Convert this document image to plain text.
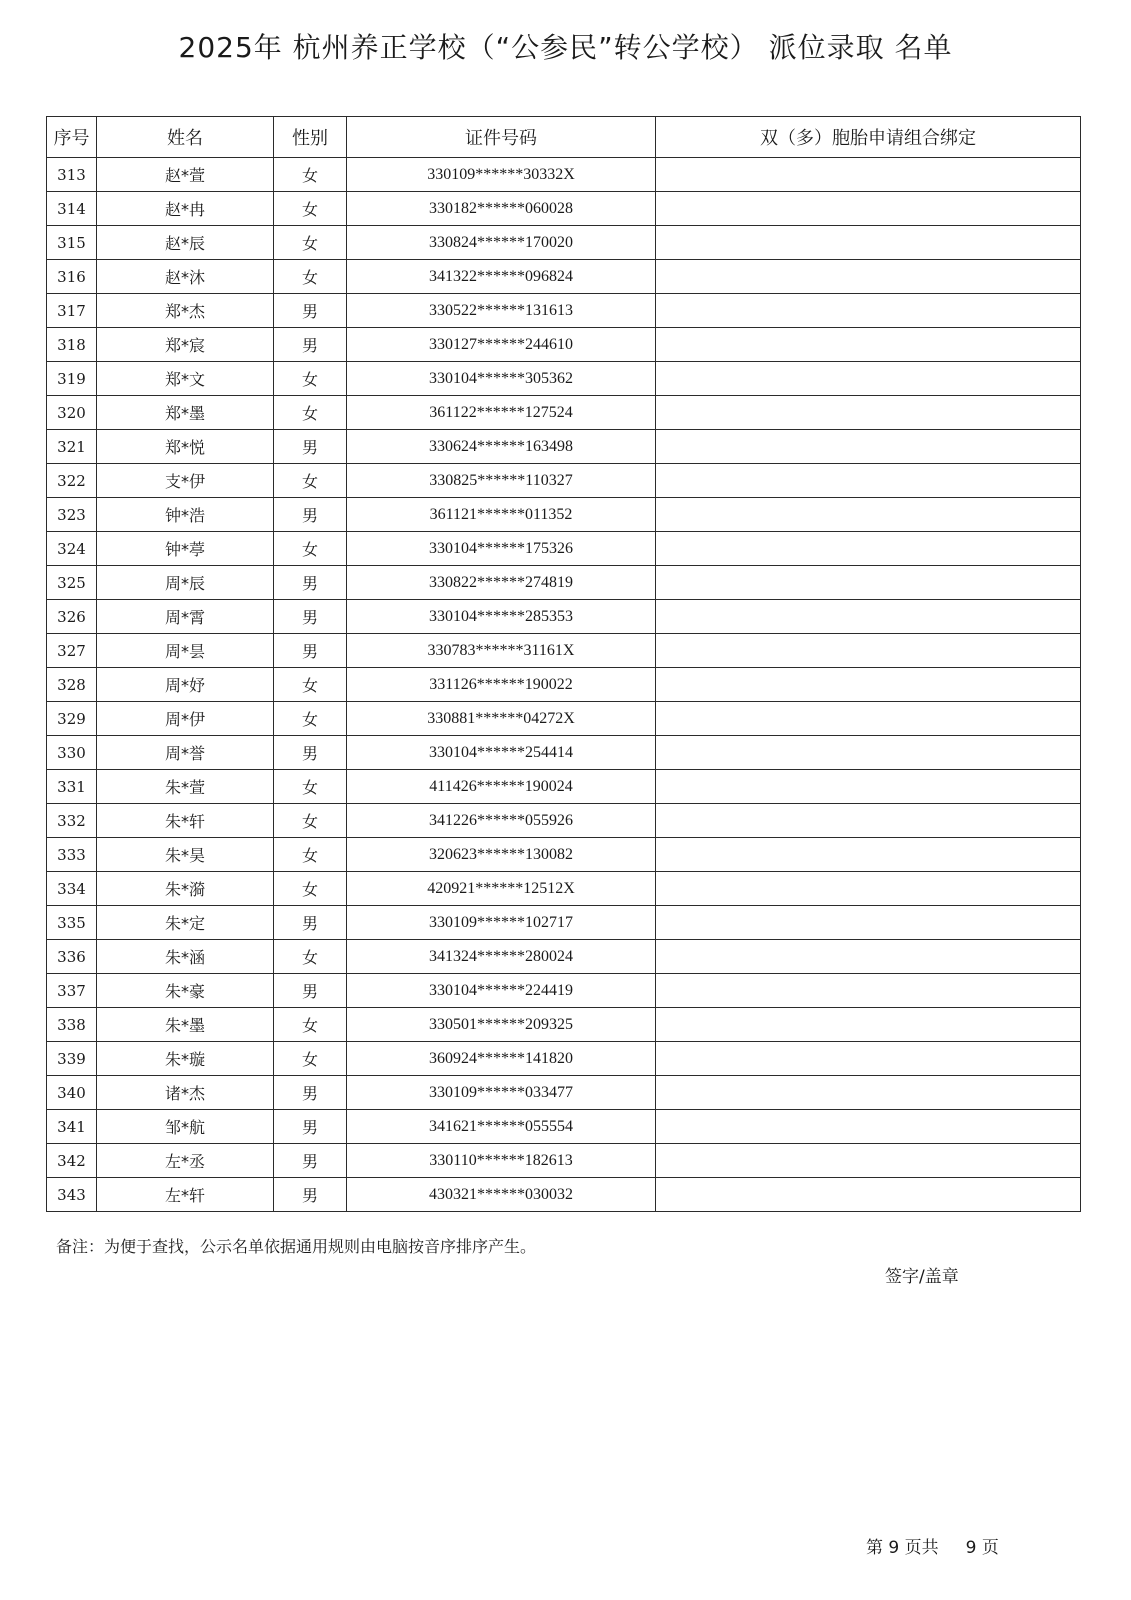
2025年 杭州养正学校（“公参民”转公学校） 派位录取 名单
序号	姓名	性别	证件号码	双（多）胞胎申请组合绑定
313	赵*萱	女	330109******30332X	
314	赵*冉	女	330182******060028	
315	赵*辰	女	330824******170020	
316	赵*沐	女	341322******096824	
317	郑*杰	男	330522******131613	
318	郑*宸	男	330127******244610	
319	郑*文	女	330104******305362	
320	郑*墨	女	361122******127524	
321	郑*悦	男	330624******163498	
322	支*伊	女	330825******110327	
323	钟*浩	男	361121******011352	
324	钟*葶	女	330104******175326	
325	周*辰	男	330822******274819	
326	周*霄	男	330104******285353	
327	周*昙	男	330783******31161X	
328	周*妤	女	331126******190022	
329	周*伊	女	330881******04272X	
330	周*誉	男	330104******254414	
331	朱*萱	女	411426******190024	
332	朱*轩	女	341226******055926	
333	朱*昊	女	320623******130082	
334	朱*漪	女	420921******12512X	
335	朱*定	男	330109******102717	
336	朱*涵	女	341324******280024	
337	朱*豪	男	330104******224419	
338	朱*墨	女	330501******209325	
339	朱*璇	女	360924******141820	
340	诸*杰	男	330109******033477	
341	邹*航	男	341621******055554	
342	左*丞	男	330110******182613	
343	左*轩	男	430321******030032	
备注：为便于查找，公示名单依据通用规则由电脑按音序排序产生。
签字/盖章
第 9 页共 9 页
